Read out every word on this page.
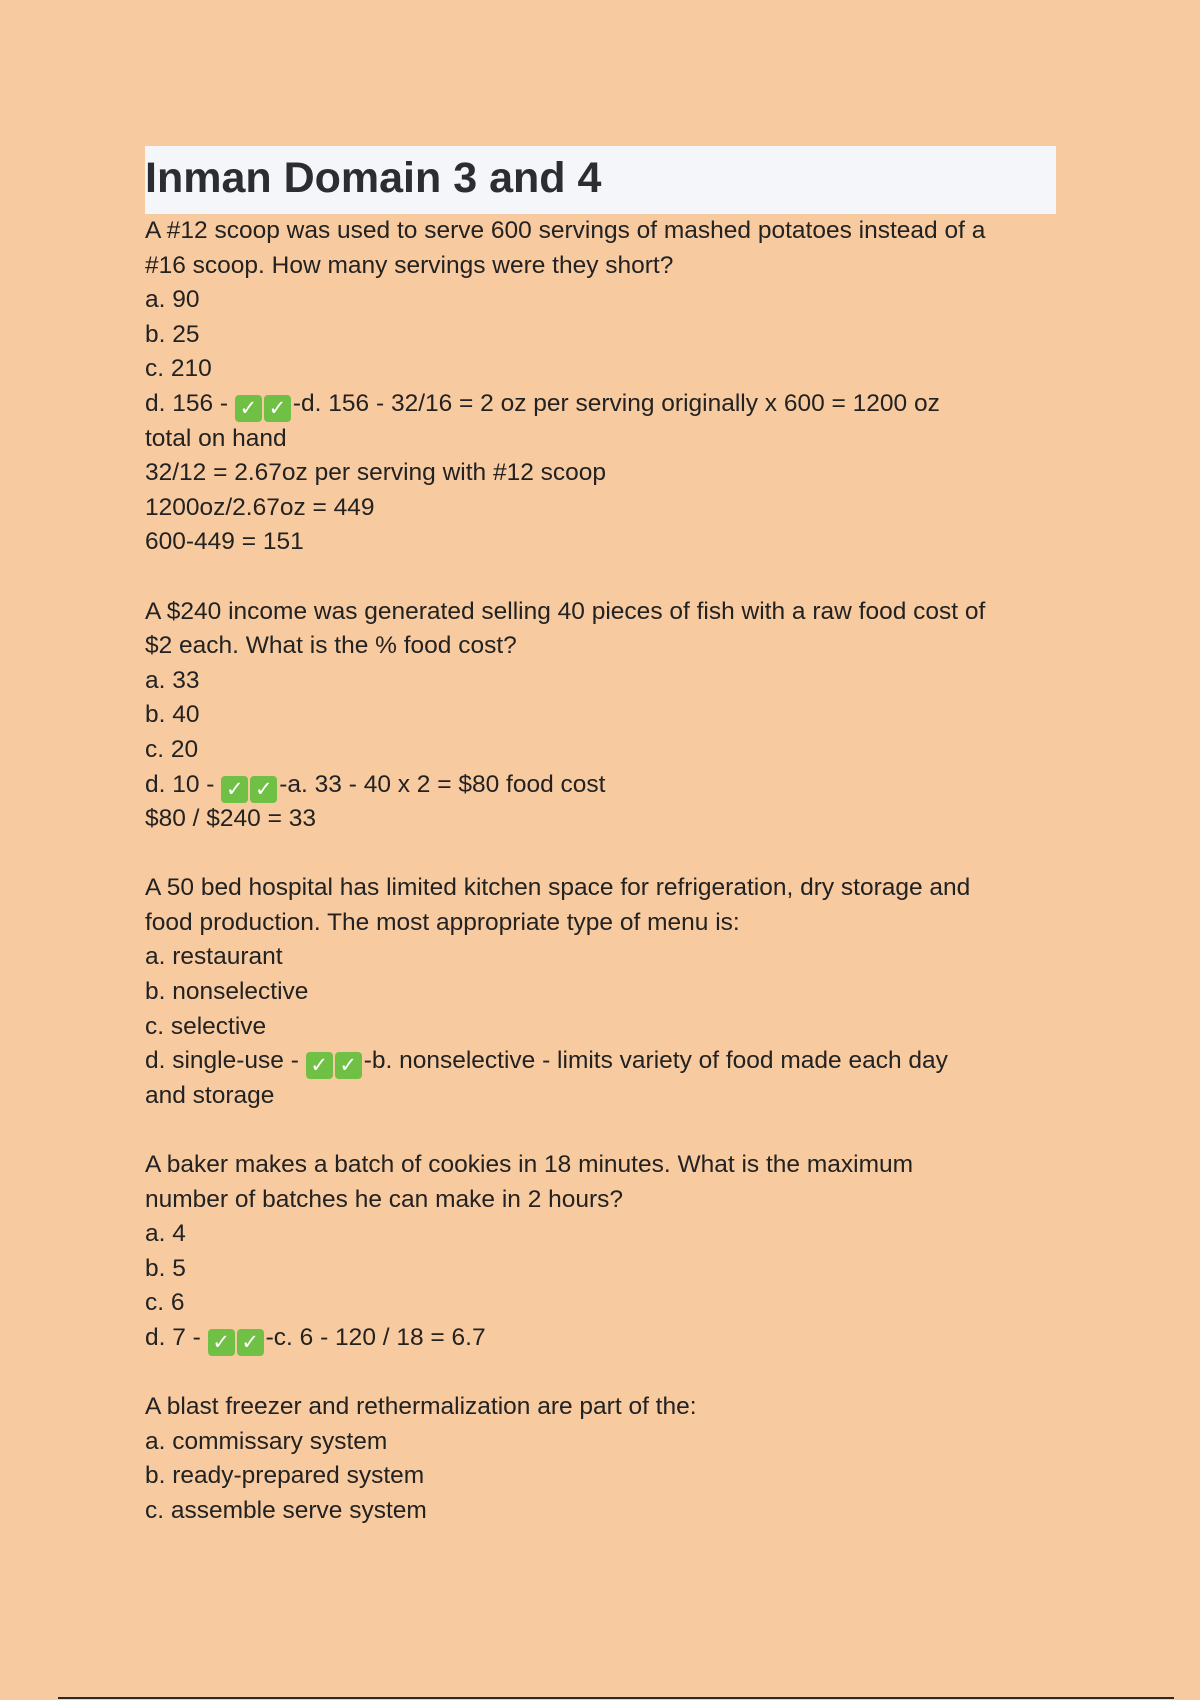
Inman Domain 3 and 4
A #12 scoop was used to serve 600 servings of mashed potatoes instead of a
#16 scoop. How many servings were they short?
a. 90
b. 25
c. 210
d. 156 - ✓ ✓ -d. 156 - 32/16 = 2 oz per serving originally x 600 = 1200 oz
total on hand
32/12 = 2.67oz per serving with #12 scoop
1200oz/2.67oz = 449
600-449 = 151
A $240 income was generated selling 40 pieces of fish with a raw food cost of
$2 each. What is the % food cost?
a. 33
b. 40
c. 20
d. 10 - ✓ ✓ -a. 33 - 40 x 2 = $80 food cost
$80 / $240 = 33
A 50 bed hospital has limited kitchen space for refrigeration, dry storage and
food production. The most appropriate type of menu is:
a. restaurant
b. nonselective
c. selective
d. single-use - ✓ ✓ -b. nonselective - limits variety of food made each day
and storage
A baker makes a batch of cookies in 18 minutes. What is the maximum
number of batches he can make in 2 hours?
a. 4
b. 5
c. 6
d. 7 - ✓ ✓ -c. 6 - 120 / 18 = 6.7
A blast freezer and rethermalization are part of the:
a. commissary system
b. ready-prepared system
c. assemble serve system
